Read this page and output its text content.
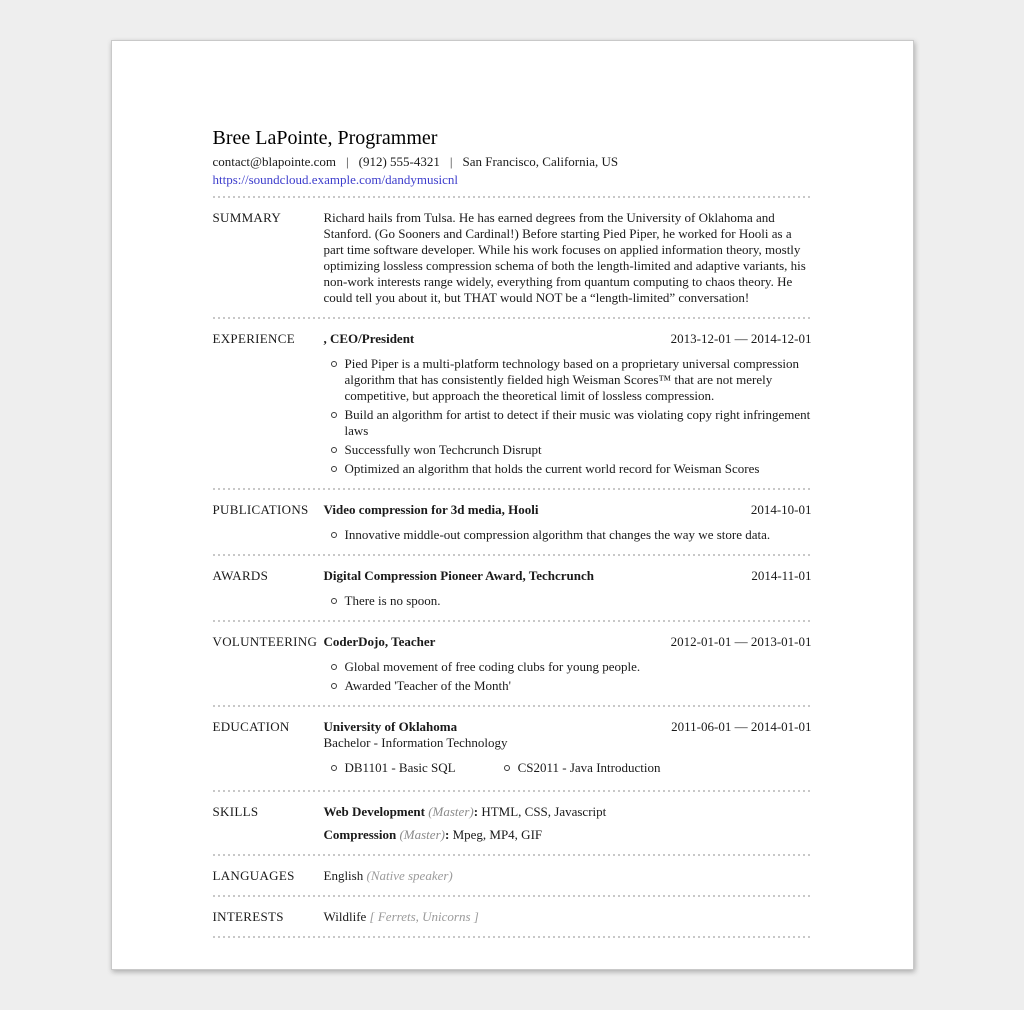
Bree LaPointe, Programmer
contact@blapointe.com | (912) 555-4321 | San Francisco, California, US
https://soundcloud.example.com/dandymusicnl
SUMMARY	Richard hails from Tulsa. He has earned degrees from the University of Oklahoma and Stanford. (Go Sooners and Cardinal!) Before starting Pied Piper, he worked for Hooli as a part time software developer. While his work focuses on applied information theory, mostly optimizing lossless compression schema of both the length-limited and adaptive variants, his non-work interests range widely, everything from quantum computing to chaos theory. He could tell you about it, but THAT would NOT be a “length-limited” conversation!

EXPERIENCE	, CEO/President	2013-12-01 — 2014-12-01
Pied Piper is a multi-platform technology based on a proprietary universal compression algorithm that has consistently fielded high Weisman Scores™ that are not merely competitive, but approach the theoretical limit of lossless compression.
Build an algorithm for artist to detect if their music was violating copy right infringement laws
Successfully won Techcrunch Disrupt
Optimized an algorithm that holds the current world record for Weisman Scores
PUBLICATIONS	Video compression for 3d media, Hooli	2014-10-01
Innovative middle-out compression algorithm that changes the way we store data.
AWARDS	Digital Compression Pioneer Award, Techcrunch	2014-11-01
There is no spoon.
VOLUNTEERING CoderDojo, Teacher	2012-01-01 — 2013-01-01
Global movement of free coding clubs for young people.
Awarded 'Teacher of the Month'
EDUCATION	University of Oklahoma	2011-06-01 — 2014-01-01

Bachelor - Information Technology

DB1101 - Basic SQL	CS2011 - Java Introduction
SKILLS	Web Development (Master): HTML, CSS, Javascript
Compression (Master): Mpeg, MP4, GIF
LANGUAGES	English (Native speaker)
INTERESTS	Wildlife [ Ferrets, Unicorns ]
